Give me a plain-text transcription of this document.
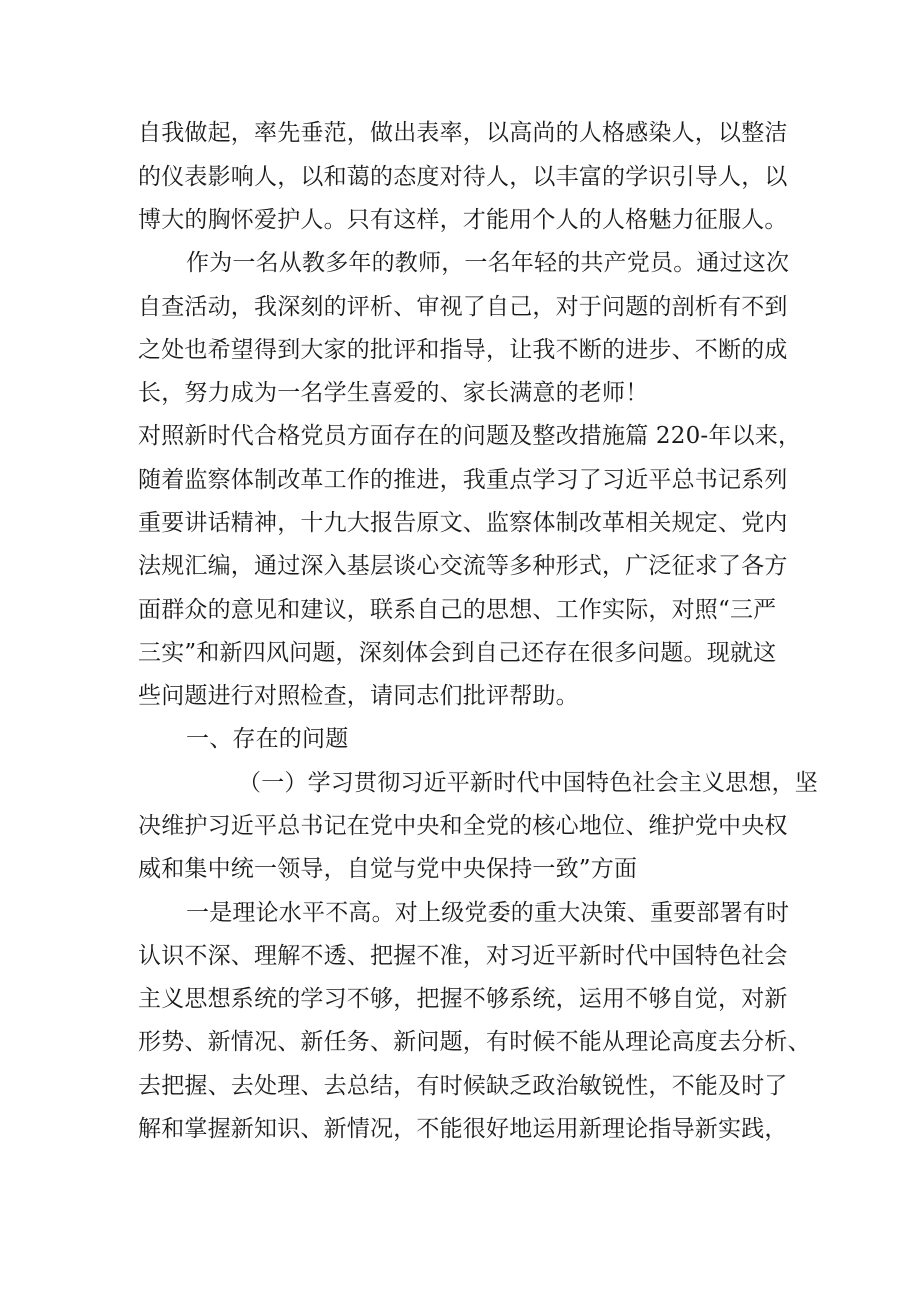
自我做起，率先垂范，做出表率，以高尚的人格感染人，以整洁
的仪表影响人，以和蔼的态度对待人，以丰富的学识引导人，以
博大的胸怀爱护人。只有这样，才能用个人的人格魅力征服人。
作为一名从教多年的教师，一名年轻的共产党员。通过这次
自查活动，我深刻的评析、审视了自己，对于问题的剖析有不到
之处也希望得到大家的批评和指导，让我不断的进步、不断的成
长，努力成为一名学生喜爱的、家长满意的老师！
对照新时代合格党员方面存在的问题及整改措施篇 220-年以来，
随着监察体制改革工作的推进，我重点学习了习近平总书记系列
重要讲话精神，十九大报告原文、监察体制改革相关规定、党内
法规汇编，通过深入基层谈心交流等多种形式，广泛征求了各方
面群众的意见和建议，联系自己的思想、工作实际，对照“三严
三实”和新四风问题，深刻体会到自己还存在很多问题。现就这
些问题进行对照检查，请同志们批评帮助。
一、存在的问题
（一）学习贯彻习近平新时代中国特色社会主义思想，坚
决维护习近平总书记在党中央和全党的核心地位、维护党中央权
威和集中统一领导，自觉与党中央保持一致”方面
一是理论水平不高。对上级党委的重大决策、重要部署有时
认识不深、理解不透、把握不准，对习近平新时代中国特色社会
主义思想系统的学习不够，把握不够系统，运用不够自觉，对新
形势、新情况、新任务、新问题，有时候不能从理论高度去分析、
去把握、去处理、去总结，有时候缺乏政治敏锐性，不能及时了
解和掌握新知识、新情况，不能很好地运用新理论指导新实践，
